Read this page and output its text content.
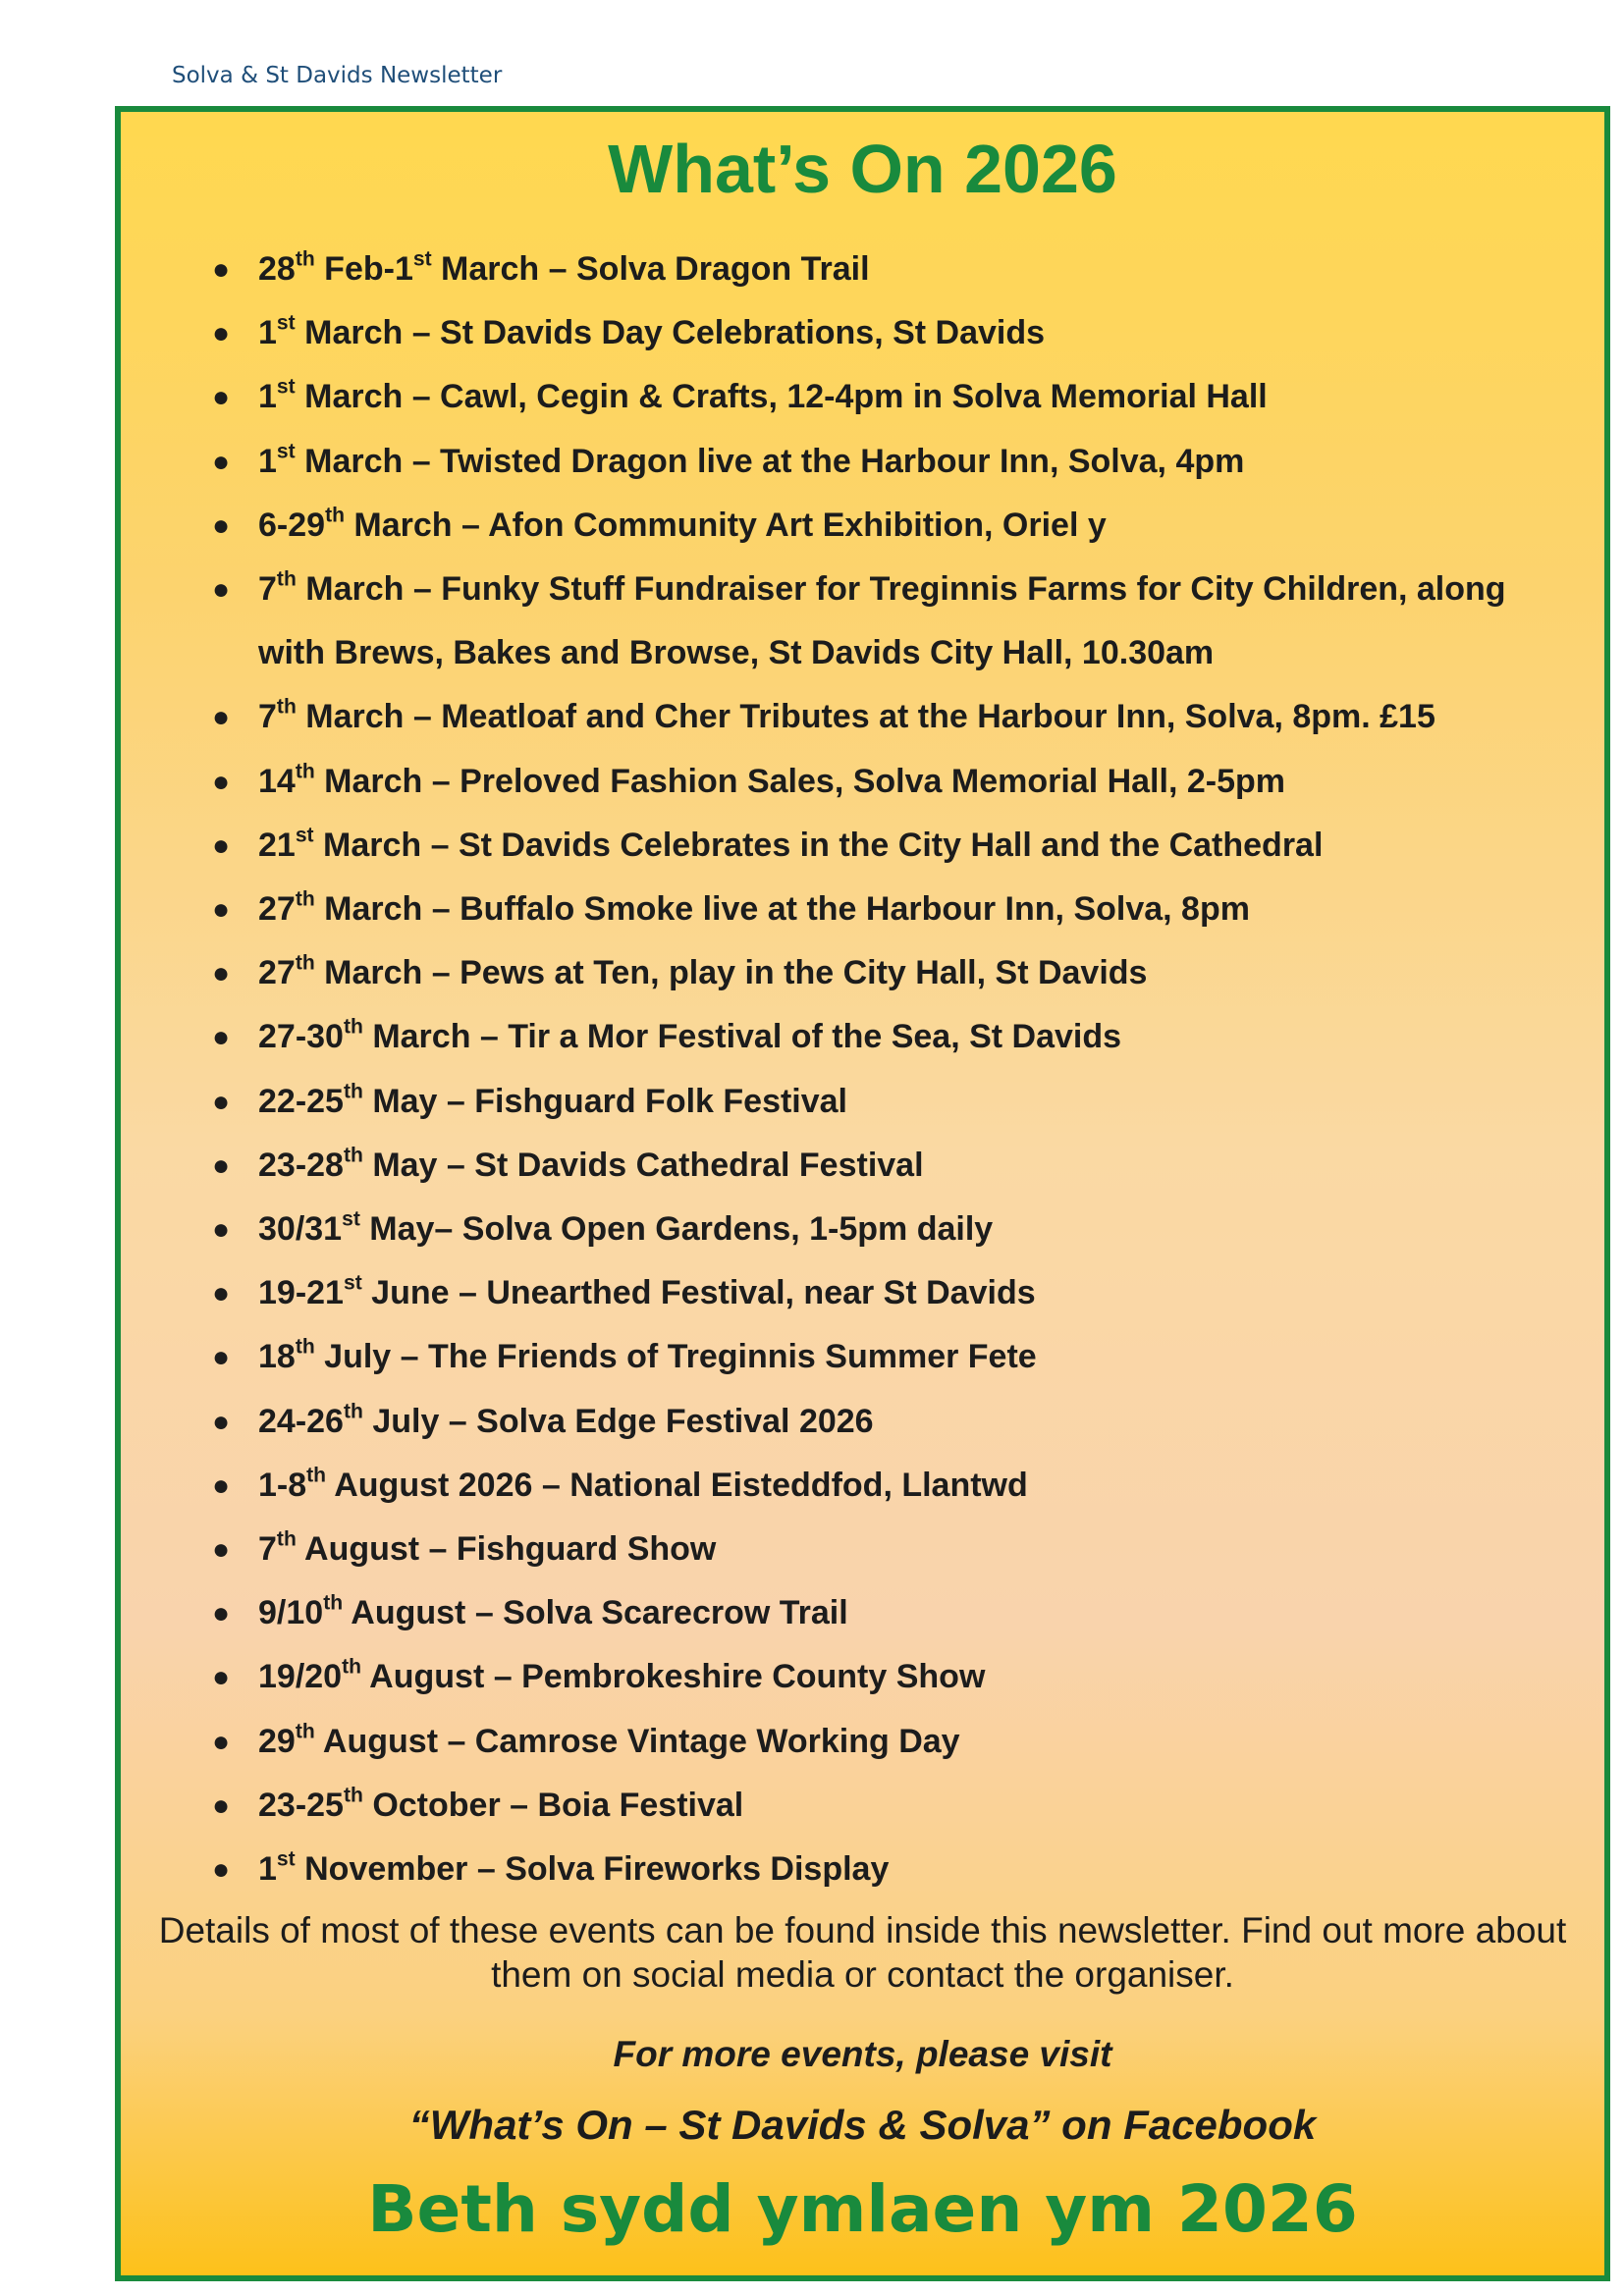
Solva & St Davids Newsletter
What’s On 2026
● 28th Feb-1st March – Solva Dragon Trail
● 1st March – St Davids Day Celebrations, St Davids
● 1st March – Cawl, Cegin & Crafts, 12-4pm in Solva Memorial Hall
● 1st March – Twisted Dragon live at the Harbour Inn, Solva, 4pm
● 6-29th March – Afon Community Art Exhibition, Oriel y
● 7th March – Funky Stuff Fundraiser for Treginnis Farms for City Children, along with Brews, Bakes and Browse, St Davids City Hall, 10.30am
● 7th March – Meatloaf and Cher Tributes at the Harbour Inn, Solva, 8pm. £15
● 14th March – Preloved Fashion Sales, Solva Memorial Hall, 2-5pm
● 21st March – St Davids Celebrates in the City Hall and the Cathedral
● 27th March – Buffalo Smoke live at the Harbour Inn, Solva, 8pm
● 27th March – Pews at Ten, play in the City Hall, St Davids
● 27-30th March – Tir a Mor Festival of the Sea, St Davids
● 22-25th May – Fishguard Folk Festival
● 23-28th May – St Davids Cathedral Festival
● 30/31st May– Solva Open Gardens, 1-5pm daily
● 19-21st June – Unearthed Festival, near St Davids
● 18th July – The Friends of Treginnis Summer Fete
● 24-26th July – Solva Edge Festival 2026
● 1-8th August 2026 – National Eisteddfod, Llantwd
● 7th August – Fishguard Show
● 9/10th August – Solva Scarecrow Trail
● 19/20th August – Pembrokeshire County Show
● 29th August – Camrose Vintage Working Day
● 23-25th October – Boia Festival
● 1st November – Solva Fireworks Display

Details of most of these events can be found inside this newsletter. Find out more about them on social media or contact the organiser.

For more events, please visit

“What’s On – St Davids & Solva” on Facebook

Beth sydd ymlaen ym 2026
